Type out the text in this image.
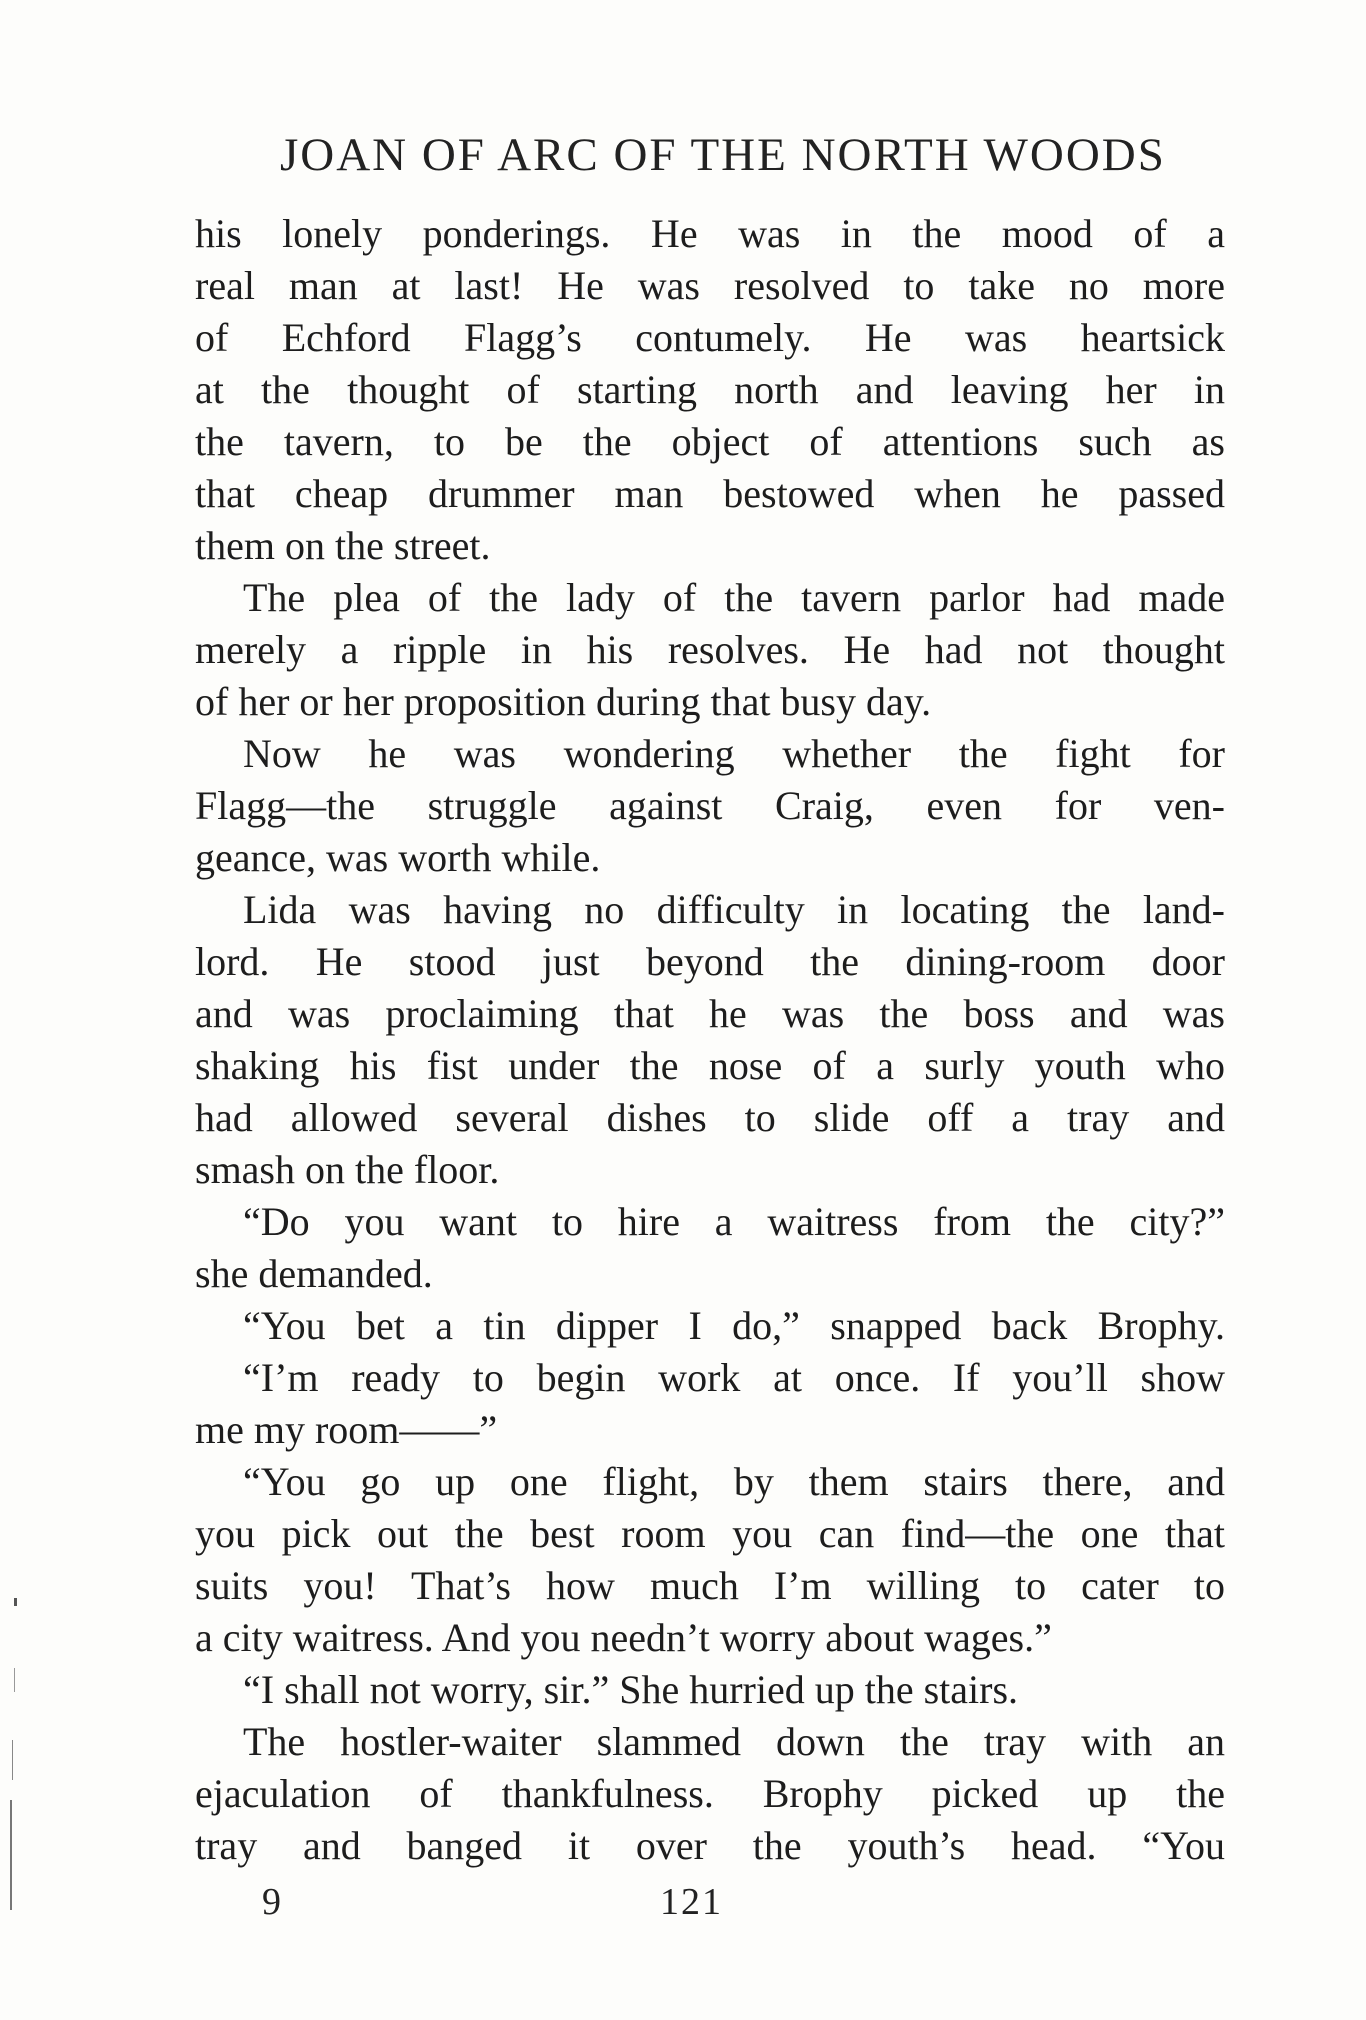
JOAN OF ARC OF THE NORTH WOODS
his lonely ponderings. He was in the mood of a
real man at last! He was resolved to take no more
of Echford Flagg’s contumely. He was heartsick
at the thought of starting north and leaving her in
the tavern, to be the object of attentions such as
that cheap drummer man bestowed when he passed
them on the street.
The plea of the lady of the tavern parlor had made
merely a ripple in his resolves. He had not thought
of her or her proposition during that busy day.
Now he was wondering whether the fight for
Flagg—the struggle against Craig, even for ven-
geance, was worth while.
Lida was having no difficulty in locating the land-
lord. He stood just beyond the dining-room door
and was proclaiming that he was the boss and was
shaking his fist under the nose of a surly youth who
had allowed several dishes to slide off a tray and
smash on the floor.
“Do you want to hire a waitress from the city?”
she demanded.
“You bet a tin dipper I do,” snapped back Brophy.
“I’m ready to begin work at once. If you’ll show
me my room——”
“You go up one flight, by them stairs there, and
you pick out the best room you can find—the one that
suits you! That’s how much I’m willing to cater to
a city waitress. And you needn’t worry about wages.”
“I shall not worry, sir.” She hurried up the stairs.
The hostler-waiter slammed down the tray with an
ejaculation of thankfulness. Brophy picked up the
tray and banged it over the youth’s head. “You
9	121
